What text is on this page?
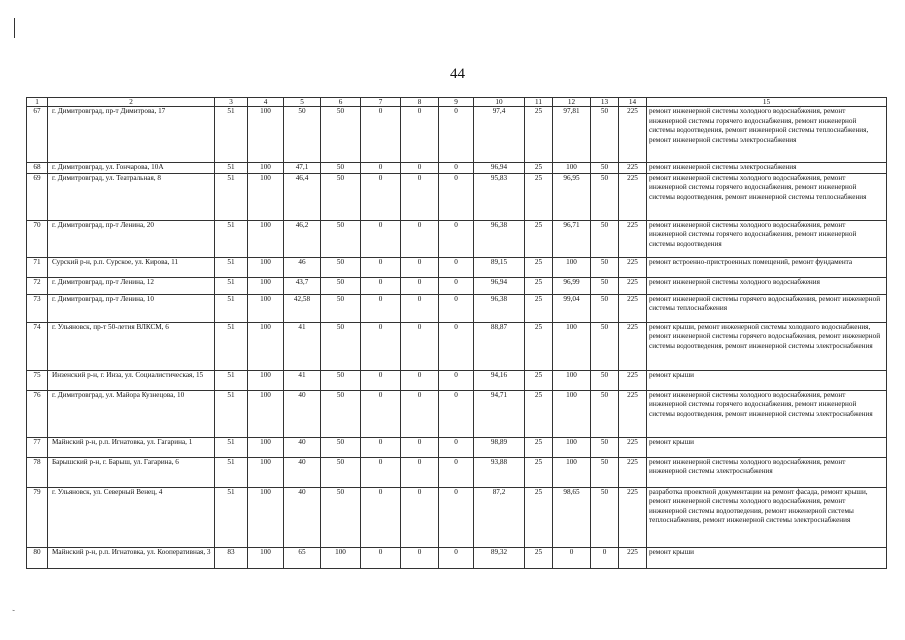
44
1	2	3	4	5	6	7	8	9	10	11	12	13	14	15
67	г. Димитровград, пр-т Димитрова, 17	51	100	50	50	0	0	0	97,4	25	97,81	50	225	ремонт инженерной системы холодного водоснабжения, ремонт инженерной системы горячего водоснабжения, ремонт инженерной системы водоотведения, ремонт инженерной системы теплоснабжения, ремонт инженерной системы электроснабжения
68	г. Димитровград, ул. Гончарова, 10А	51	100	47,1	50	0	0	0	96,94	25	100	50	225	ремонт инженерной системы электроснабжения
69	г. Димитровград, ул. Театральная, 8	51	100	46,4	50	0	0	0	95,83	25	96,95	50	225	ремонт инженерной системы холодного водоснабжения, ремонт инженерной системы горячего водоснабжения, ремонт инженерной системы водоотведения, ремонт инженерной системы теплоснабжения
70	г. Димитровград, пр-т Ленина, 20	51	100	46,2	50	0	0	0	96,38	25	96,71	50	225	ремонт инженерной системы холодного водоснабжения, ремонт инженерной системы горячего водоснабжения, ремонт инженерной системы водоотведения
71	Сурский р-н, р.п. Сурское, ул. Кирова, 11	51	100	46	50	0	0	0	89,15	25	100	50	225	ремонт встроенно-пристроенных помещений, ремонт фундамента
72	г. Димитровград, пр-т Ленина, 12	51	100	43,7	50	0	0	0	96,94	25	96,99	50	225	ремонт инженерной системы холодного водоснабжения
73	г. Димитровград, пр-т Ленина, 10	51	100	42,58	50	0	0	0	96,38	25	99,04	50	225	ремонт инженерной системы горячего водоснабжения, ремонт инженерной системы теплоснабжения
74	г. Ульяновск, пр-т 50-летия ВЛКСМ, 6	51	100	41	50	0	0	0	88,87	25	100	50	225	ремонт крыши, ремонт инженерной системы холодного водоснабжения, ремонт инженерной системы горячего водоснабжения, ремонт инженерной системы водоотведения, ремонт инженерной системы электроснабжения
75	Инзенский р-н, г. Инза, ул. Социалистическая, 15	51	100	41	50	0	0	0	94,16	25	100	50	225	ремонт крыши
76	г. Димитровград, ул. Майора Кузнецова, 10	51	100	40	50	0	0	0	94,71	25	100	50	225	ремонт инженерной системы холодного водоснабжения, ремонт инженерной системы горячего водоснабжения, ремонт инженерной системы водоотведения, ремонт инженерной системы электроснабжения
77	Майнский р-н, р.п. Игнатовка, ул. Гагарина, 1	51	100	40	50	0	0	0	98,89	25	100	50	225	ремонт крыши
78	Барышский р-н, г. Барыш, ул. Гагарина, 6	51	100	40	50	0	0	0	93,88	25	100	50	225	ремонт инженерной системы холодного водоснабжения, ремонт инженерной системы электроснабжения
79	г. Ульяновск, ул. Северный Венец, 4	51	100	40	50	0	0	0	87,2	25	98,65	50	225	разработка проектной документации на ремонт фасада, ремонт крыши, ремонт инженерной системы холодного водоснабжения, ремонт инженерной системы водоотведения, ремонт инженерной системы теплоснабжения, ремонт инженерной системы электроснабжения
80	Майнский р-н, р.п. Игнатовка, ул. Кооперативная, 3	83	100	65	100	0	0	0	89,32	25	0	0	225	ремонт крыши
ʼ
